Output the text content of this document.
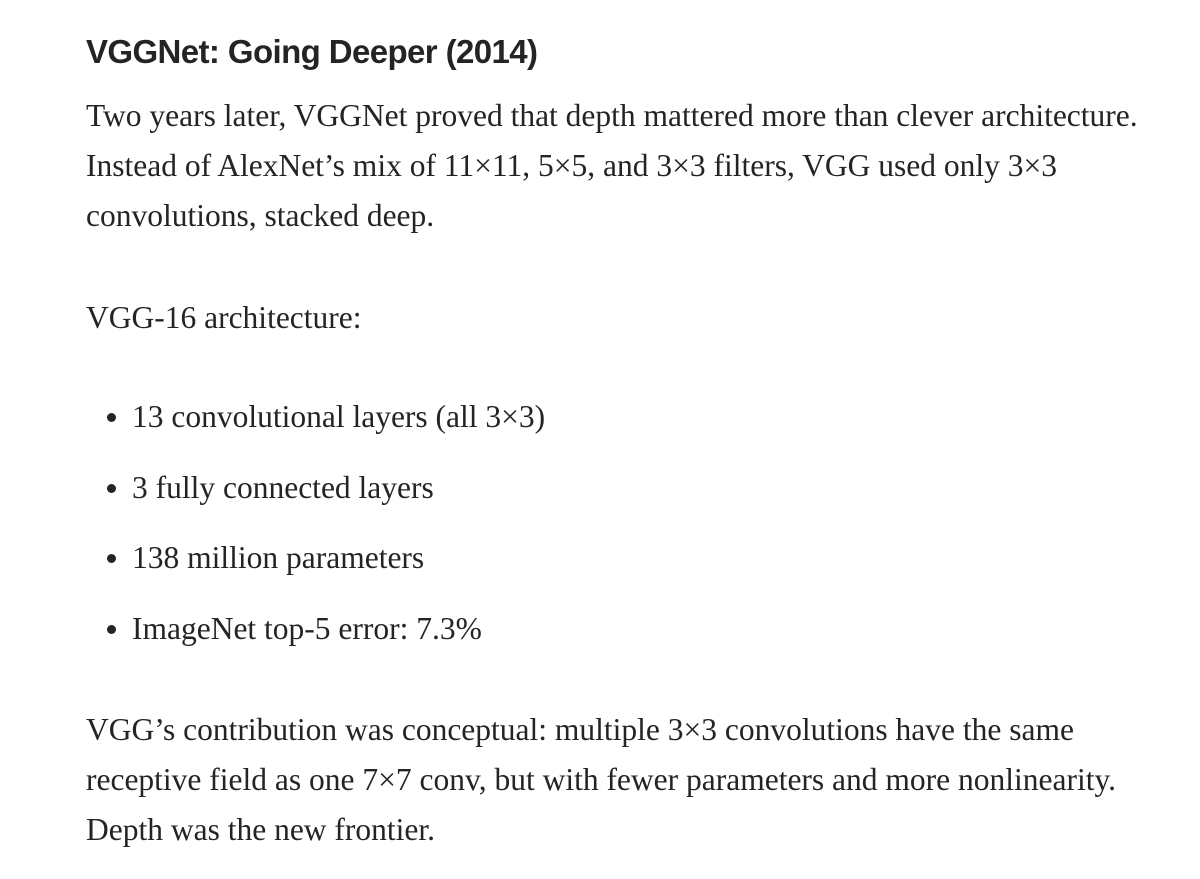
VGGNet: Going Deeper (2014)

Two years later, VGGNet proved that depth mattered more than clever architecture. Instead of AlexNet’s mix of 11×11, 5×5, and 3×3 filters, VGG used only 3×3 convolutions, stacked deep.

VGG-16 architecture:

13 convolutional layers (all 3×3)
3 fully connected layers
138 million parameters
ImageNet top-5 error: 7.3%

VGG’s contribution was conceptual: multiple 3×3 convolutions have the same receptive field as one 7×7 conv, but with fewer parameters and more nonlinearity. Depth was the new frontier.
